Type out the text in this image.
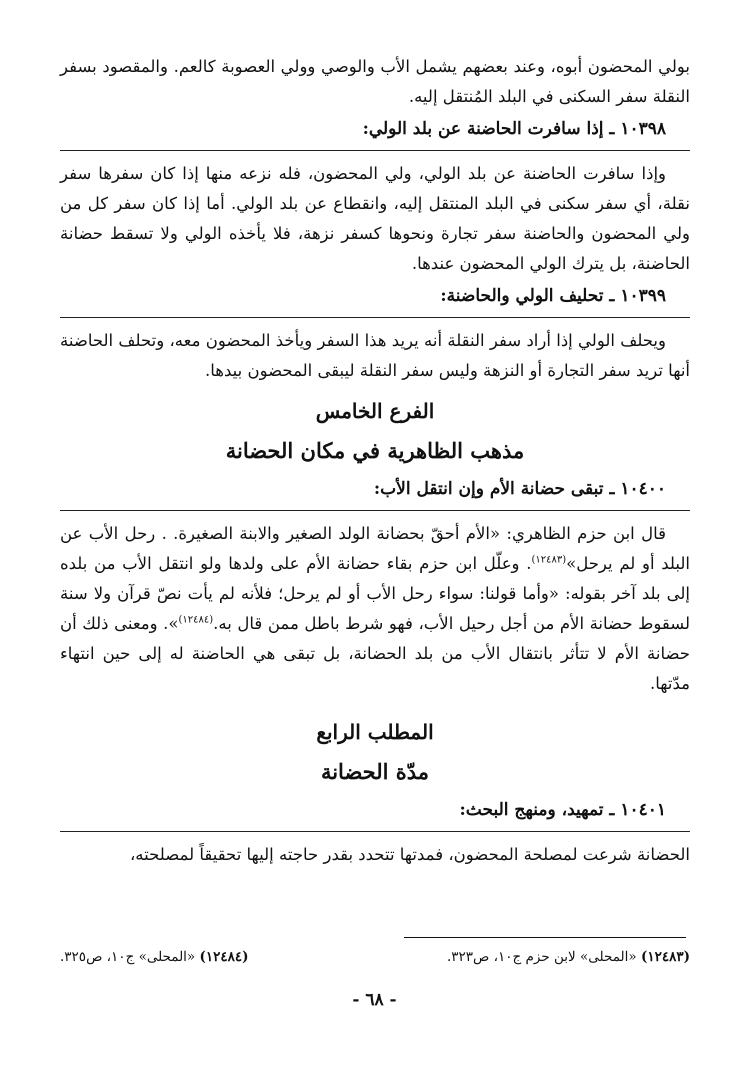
بولي المحضون أبوه، وعند بعضهم يشمل الأب والوصي وولي العصوبة كالعم. والمقصود بسفر النقلة سفر السكنى في البلد المُنتقل إليه.

١٠٣٩٨ ـ إذا سافرت الحاضنة عن بلد الولي:

وإذا سافرت الحاضنة عن بلد الولي، ولي المحضون، فله نزعه منها إذا كان سفرها سفر نقلة، أي سفر سكنى في البلد المنتقل إليه، وانقطاع عن بلد الولي. أما إذا كان سفر كل من ولي المحضون والحاضنة سفر تجارة ونحوها كسفر نزهة، فلا يأخذه الولي ولا تسقط حضانة الحاضنة، بل يترك الولي المحضون عندها.

١٠٣٩٩ ـ تحليف الولي والحاضنة:

ويحلف الولي إذا أراد سفر النقلة أنه يريد هذا السفر ويأخذ المحضون معه، وتحلف الحاضنة أنها تريد سفر التجارة أو النزهة وليس سفر النقلة ليبقى المحضون بيدها.

الفرع الخامس

مذهب الظاهرية في مكان الحضانة

١٠٤٠٠ ـ تبقى حضانة الأم وإن انتقل الأب:

قال ابن حزم الظاهري: «الأم أحقّ بحضانة الولد الصغير والابنة الصغيرة. . رحل الأب عن البلد أو لم يرحل»$^{(١٢٤٨٣)}$. وعلّل ابن حزم بقاء حضانة الأم على ولدها ولو انتقل الأب من بلده إلى بلد آخر بقوله: «وأما قولنا: سواء رحل الأب أو لم يرحل؛ فلأنه لم يأت نصّ قرآن ولا سنة لسقوط حضانة الأم من أجل رحيل الأب، فهو شرط باطل ممن قال به.$^{(١٢٤٨٤)}$». ومعنى ذلك أن حضانة الأم لا تتأثر بانتقال الأب من بلد الحضانة، بل تبقى هي الحاضنة له إلى حين انتهاء مدّتها.

المطلب الرابع

مدّة الحضانة

١٠٤٠١ ـ تمهيد، ومنهج البحث:

الحضانة شرعت لمصلحة المحضون، فمدتها تتحدد بقدر حاجته إليها تحقيقاً لمصلحته،

(١٢٤٨٣) «المحلى» لابن حزم ج١٠، ص٣٢٣.
(١٢٤٨٤) «المحلى» ج١٠، ص٣٢٥.
- ٦٨ -
